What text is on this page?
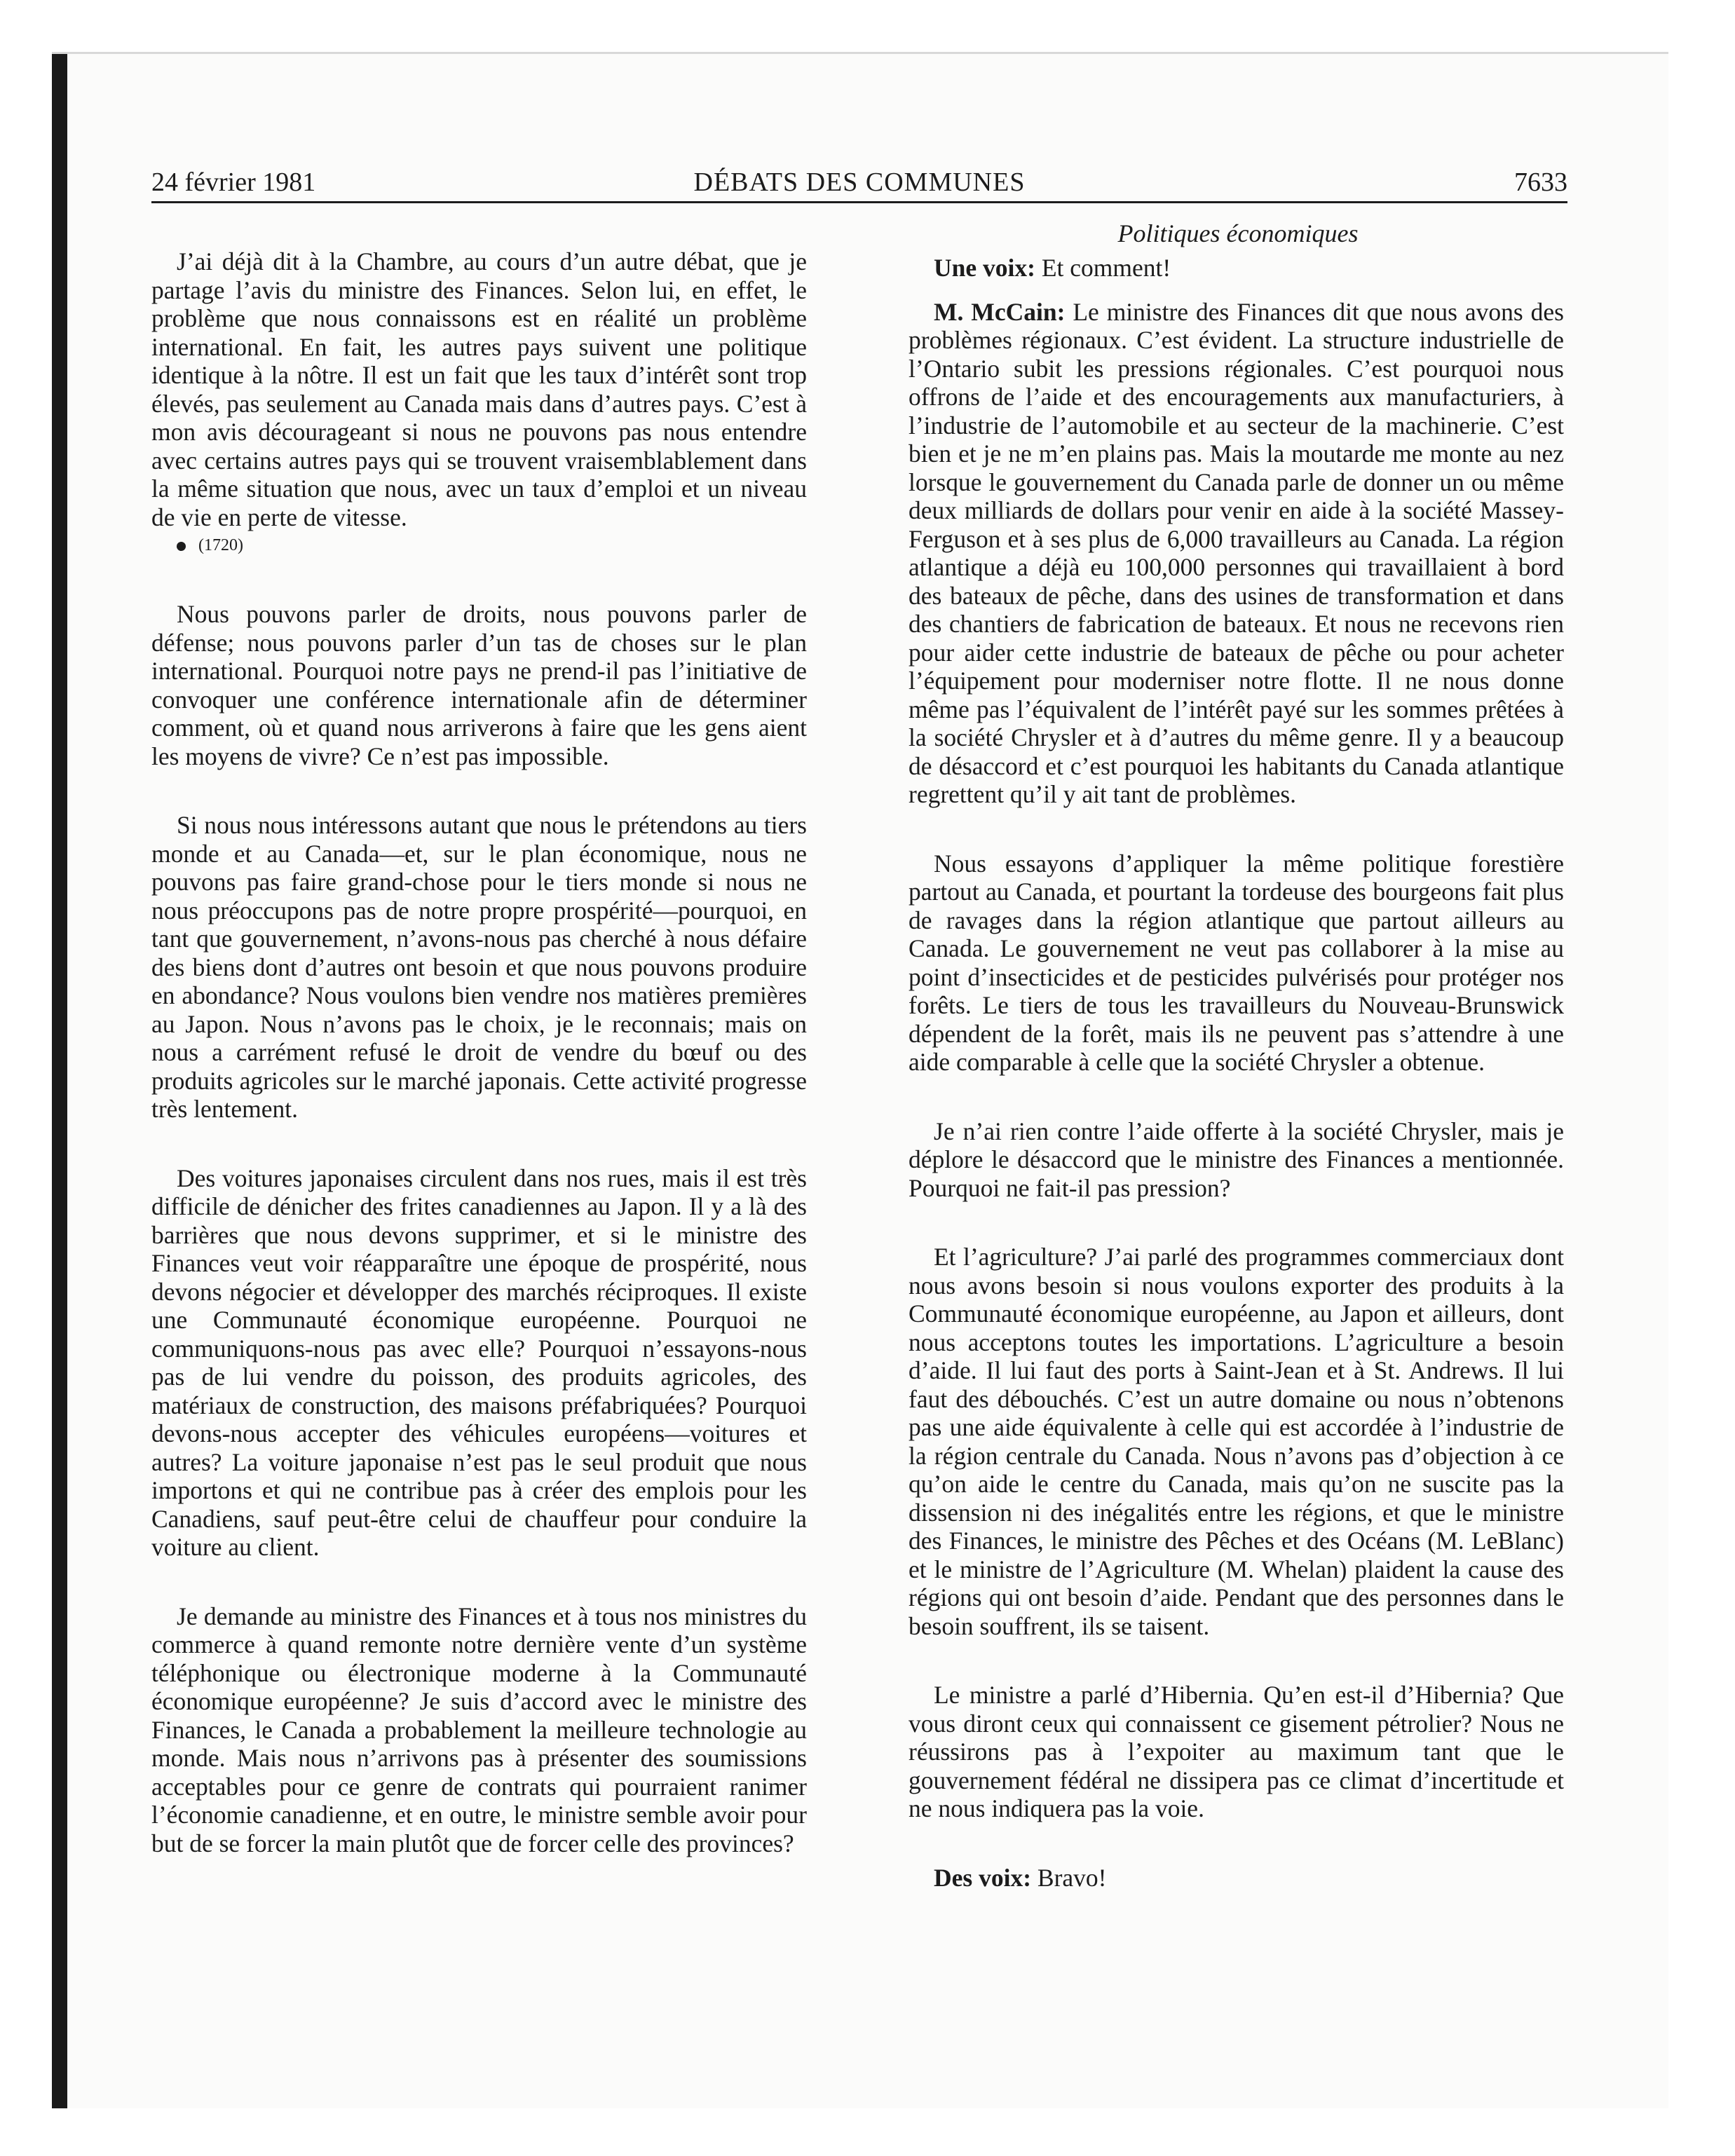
24 février 1981	DÉBATS DES COMMUNES	7633
Politiques économiques

J’ai déjà dit à la Chambre, au cours d’un autre débat, que je partage l’avis du ministre des Finances. Selon lui, en effet, le problème que nous connaissons est en réalité un problème international. En fait, les autres pays suivent une politique identique à la nôtre. Il est un fait que les taux d’intérêt sont trop élevés, pas seulement au Canada mais dans d’autres pays. C’est à mon avis décourageant si nous ne pouvons pas nous entendre avec certains autres pays qui se trouvent vraisemblablement dans la même situation que nous, avec un taux d’emploi et un niveau de vie en perte de vitesse.

(1720)

Nous pouvons parler de droits, nous pouvons parler de défense; nous pouvons parler d’un tas de choses sur le plan international. Pourquoi notre pays ne prend-il pas l’initiative de convoquer une conférence internationale afin de déterminer comment, où et quand nous arriverons à faire que les gens aient les moyens de vivre? Ce n’est pas impossible.

Si nous nous intéressons autant que nous le prétendons au tiers monde et au Canada—et, sur le plan économique, nous ne pouvons pas faire grand-chose pour le tiers monde si nous ne nous préoccupons pas de notre propre prospérité—pourquoi, en tant que gouvernement, n’avons-nous pas cherché à nous défaire des biens dont d’autres ont besoin et que nous pouvons produire en abondance? Nous voulons bien vendre nos matières premières au Japon. Nous n’avons pas le choix, je le reconnais; mais on nous a carrément refusé le droit de vendre du bœuf ou des produits agricoles sur le marché japonais. Cette activité progresse très lentement.

Des voitures japonaises circulent dans nos rues, mais il est très difficile de dénicher des frites canadiennes au Japon. Il y a là des barrières que nous devons supprimer, et si le ministre des Finances veut voir réapparaître une époque de prospérité, nous devons négocier et développer des marchés réciproques. Il existe une Communauté économique européenne. Pourquoi ne communiquons-nous pas avec elle? Pourquoi n’essayons-nous pas de lui vendre du poisson, des produits agricoles, des matériaux de construction, des maisons préfabriquées? Pourquoi devons-nous accepter des véhicules européens—voitures et autres? La voiture japonaise n’est pas le seul produit que nous importons et qui ne contribue pas à créer des emplois pour les Canadiens, sauf peut-être celui de chauffeur pour conduire la voiture au client.

Je demande au ministre des Finances et à tous nos ministres du commerce à quand remonte notre dernière vente d’un système téléphonique ou électronique moderne à la Communauté économique européenne? Je suis d’accord avec le ministre des Finances, le Canada a probablement la meilleure technologie au monde. Mais nous n’arrivons pas à présenter des soumissions acceptables pour ce genre de contrats qui pourraient ranimer l’économie canadienne, et en outre, le ministre semble avoir pour but de se forcer la main plutôt que de forcer celle des provinces?

Une voix: Et comment!

M. McCain: Le ministre des Finances dit que nous avons des problèmes régionaux. C’est évident. La structure industrielle de l’Ontario subit les pressions régionales. C’est pourquoi nous offrons de l’aide et des encouragements aux manufacturiers, à l’industrie de l’automobile et au secteur de la machinerie. C’est bien et je ne m’en plains pas. Mais la moutarde me monte au nez lorsque le gouvernement du Canada parle de donner un ou même deux milliards de dollars pour venir en aide à la société Massey-Ferguson et à ses plus de 6,000 travailleurs au Canada. La région atlantique a déjà eu 100,000 personnes qui travaillaient à bord des bateaux de pêche, dans des usines de transformation et dans des chantiers de fabrication de bateaux. Et nous ne recevons rien pour aider cette industrie de bateaux de pêche ou pour acheter l’équipement pour moderniser notre flotte. Il ne nous donne même pas l’équivalent de l’intérêt payé sur les sommes prêtées à la société Chrysler et à d’autres du même genre. Il y a beaucoup de désaccord et c’est pourquoi les habitants du Canada atlantique regrettent qu’il y ait tant de problèmes.

Nous essayons d’appliquer la même politique forestière partout au Canada, et pourtant la tordeuse des bourgeons fait plus de ravages dans la région atlantique que partout ailleurs au Canada. Le gouvernement ne veut pas collaborer à la mise au point d’insecticides et de pesticides pulvérisés pour protéger nos forêts. Le tiers de tous les travailleurs du Nouveau-Brunswick dépendent de la forêt, mais ils ne peuvent pas s’attendre à une aide comparable à celle que la société Chrysler a obtenue.

Je n’ai rien contre l’aide offerte à la société Chrysler, mais je déplore le désaccord que le ministre des Finances a mentionnée. Pourquoi ne fait-il pas pression?

Et l’agriculture? J’ai parlé des programmes commerciaux dont nous avons besoin si nous voulons exporter des produits à la Communauté économique européenne, au Japon et ailleurs, dont nous acceptons toutes les importations. L’agriculture a besoin d’aide. Il lui faut des ports à Saint-Jean et à St. Andrews. Il lui faut des débouchés. C’est un autre domaine ou nous n’obtenons pas une aide équivalente à celle qui est accordée à l’industrie de la région centrale du Canada. Nous n’avons pas d’objection à ce qu’on aide le centre du Canada, mais qu’on ne suscite pas la dissension ni des inégalités entre les régions, et que le ministre des Finances, le ministre des Pêches et des Océans (M. LeBlanc) et le ministre de l’Agriculture (M. Whelan) plaident la cause des régions qui ont besoin d’aide. Pendant que des personnes dans le besoin souffrent, ils se taisent.

Le ministre a parlé d’Hibernia. Qu’en est-il d’Hibernia? Que vous diront ceux qui connaissent ce gisement pétrolier? Nous ne réussirons pas à l’expoiter au maximum tant que le gouvernement fédéral ne dissipera pas ce climat d’incertitude et ne nous indiquera pas la voie.

Des voix: Bravo!
